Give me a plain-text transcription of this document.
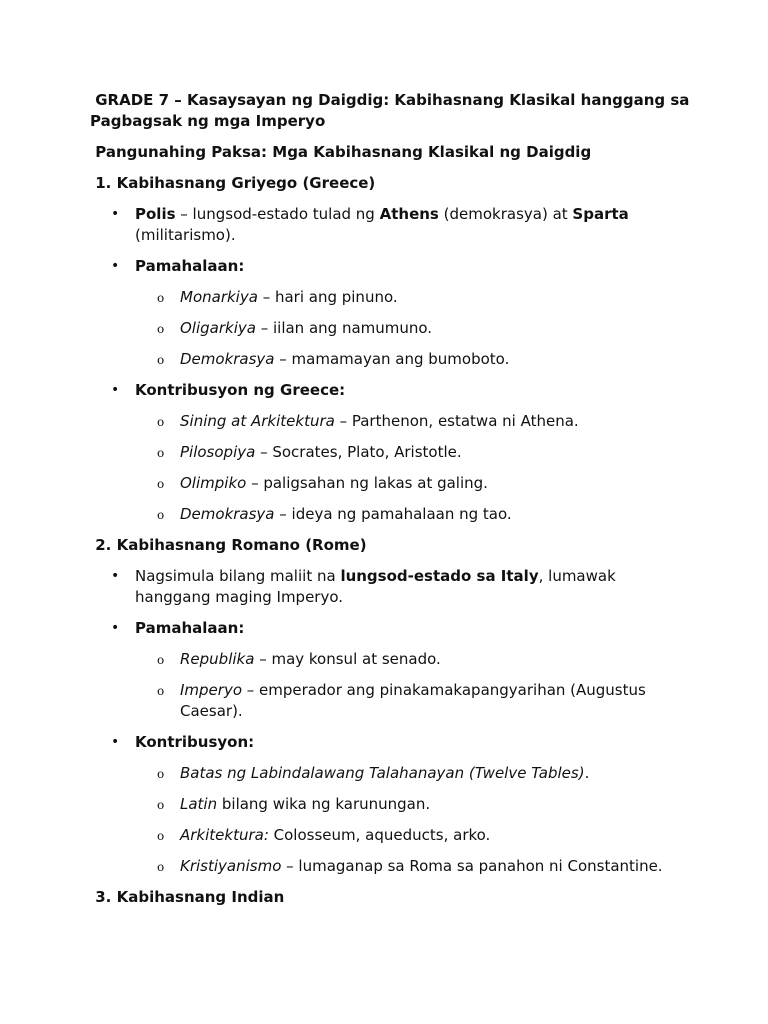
GRADE 7 – Kasaysayan ng Daigdig: Kabihasnang Klasikal hanggang sa Pagbagsak ng mga Imperyo

Pangunahing Paksa: Mga Kabihasnang Klasikal ng Daigdig

1. Kabihasnang Griyego (Greece)

• Polis – lungsod-estado tulad ng Athens (demokrasya) at Sparta (militarismo).
• Pamahalaan:
o Monarkiya – hari ang pinuno.
o Oligarkiya – iilan ang namumuno.
o Demokrasya – mamamayan ang bumoboto.
• Kontribusyon ng Greece:
o Sining at Arkitektura – Parthenon, estatwa ni Athena.
o Pilosopiya – Socrates, Plato, Aristotle.
o Olimpiko – paligsahan ng lakas at galing.
o Demokrasya – ideya ng pamahalaan ng tao.

2. Kabihasnang Romano (Rome)

• Nagsimula bilang maliit na lungsod-estado sa Italy, lumawak hanggang maging Imperyo.
• Pamahalaan:
o Republika – may konsul at senado.
o Imperyo – emperador ang pinakamakapangyarihan (Augustus Caesar).
• Kontribusyon:
o Batas ng Labindalawang Talahanayan (Twelve Tables).
o Latin bilang wika ng karunungan.
o Arkitektura: Colosseum, aqueducts, arko.
o Kristiyanismo – lumaganap sa Roma sa panahon ni Constantine.

3. Kabihasnang Indian
